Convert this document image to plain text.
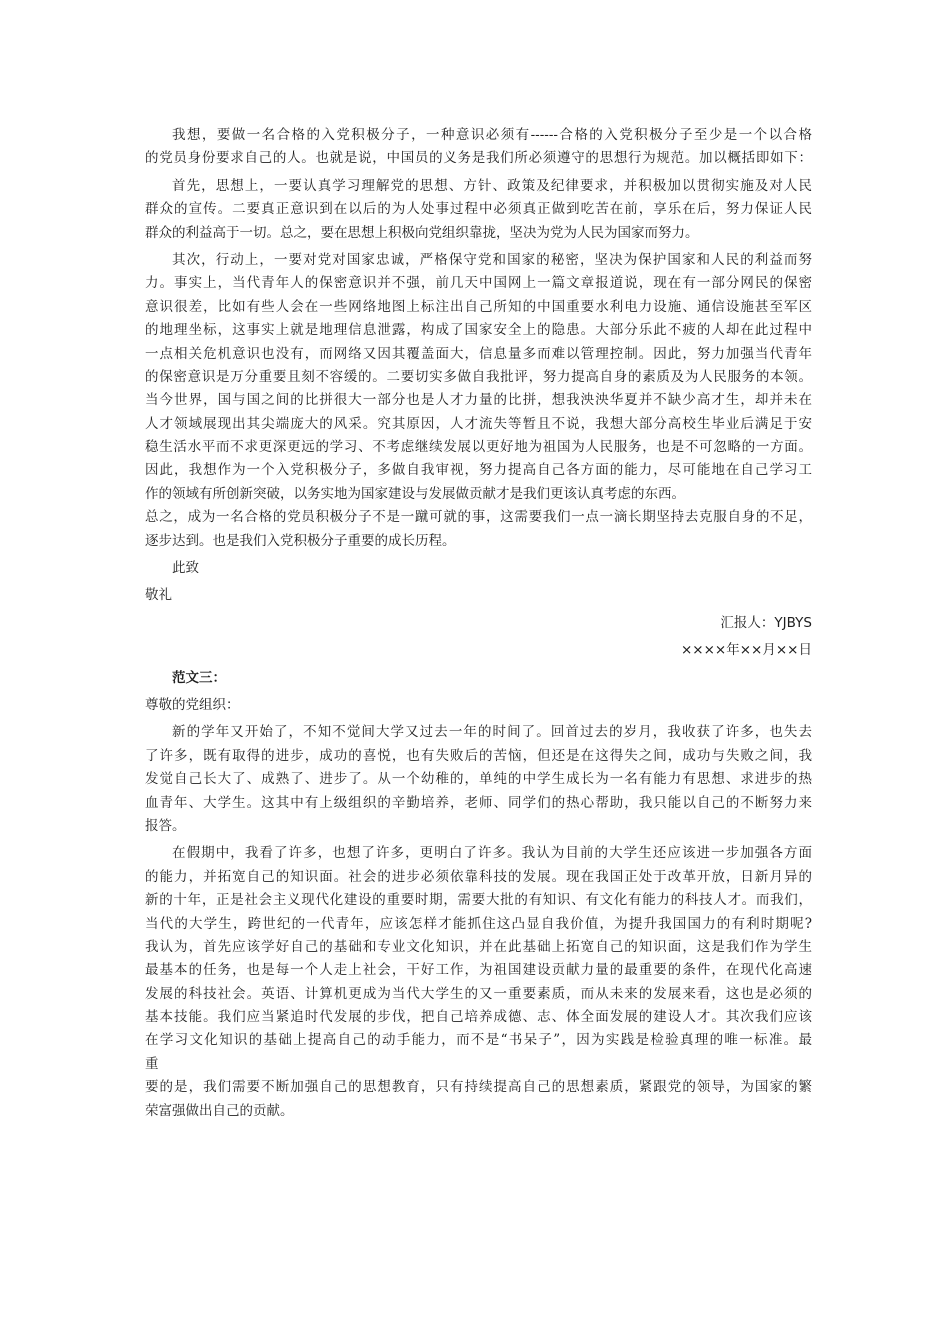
我想，要做一名合格的入党积极分子，一种意识必须有------合格的入党积极分子至少是一个以合格
的党员身份要求自己的人。也就是说，中国员的义务是我们所必须遵守的思想行为规范。加以概括即如下：
首先，思想上，一要认真学习理解党的思想、方针、政策及纪律要求，并积极加以贯彻实施及对人民
群众的宣传。二要真正意识到在以后的为人处事过程中必须真正做到吃苦在前，享乐在后，努力保证人民
群众的利益高于一切。总之，要在思想上积极向党组织靠拢，坚决为党为人民为国家而努力。
其次，行动上，一要对党对国家忠诚，严格保守党和国家的秘密，坚决为保护国家和人民的利益而努
力。事实上，当代青年人的保密意识并不强，前几天中国网上一篇文章报道说，现在有一部分网民的保密
意识很差，比如有些人会在一些网络地图上标注出自己所知的中国重要水利电力设施、通信设施甚至军区
的地理坐标，这事实上就是地理信息泄露，构成了国家安全上的隐患。大部分乐此不疲的人却在此过程中
一点相关危机意识也没有，而网络又因其覆盖面大，信息量多而难以管理控制。因此，努力加强当代青年
的保密意识是万分重要且刻不容缓的。二要切实多做自我批评，努力提高自身的素质及为人民服务的本领。
当今世界，国与国之间的比拼很大一部分也是人才力量的比拼，想我泱泱华夏并不缺少高才生，却并未在
人才领域展现出其尖端庞大的风采。究其原因，人才流失等暂且不说，我想大部分高校生毕业后满足于安
稳生活水平而不求更深更远的学习、不考虑继续发展以更好地为祖国为人民服务，也是不可忽略的一方面。
因此，我想作为一个入党积极分子，多做自我审视，努力提高自己各方面的能力，尽可能地在自己学习工
作的领域有所创新突破，以务实地为国家建设与发展做贡献才是我们更该认真考虑的东西。
总之，成为一名合格的党员积极分子不是一蹴可就的事，这需要我们一点一滴长期坚持去克服自身的不足，
逐步达到。也是我们入党积极分子重要的成长历程。
此致
敬礼
汇报人：YJBYS
××××年××月××日
范文三：
尊敬的党组织：
新的学年又开始了，不知不觉间大学又过去一年的时间了。回首过去的岁月，我收获了许多，也失去
了许多，既有取得的进步，成功的喜悦，也有失败后的苦恼，但还是在这得失之间，成功与失败之间，我
发觉自己长大了、成熟了、进步了。从一个幼稚的，单纯的中学生成长为一名有能力有思想、求进步的热
血青年、大学生。这其中有上级组织的辛勤培养，老师、同学们的热心帮助，我只能以自己的不断努力来
报答。
在假期中，我看了许多，也想了许多，更明白了许多。我认为目前的大学生还应该进一步加强各方面
的能力，并拓宽自己的知识面。社会的进步必须依靠科技的发展。现在我国正处于改革开放，日新月异的
新的十年，正是社会主义现代化建设的重要时期，需要大批的有知识、有文化有能力的科技人才。而我们，
当代的大学生，跨世纪的一代青年，应该怎样才能抓住这凸显自我价值，为提升我国国力的有利时期呢?
我认为，首先应该学好自己的基础和专业文化知识，并在此基础上拓宽自己的知识面，这是我们作为学生
最基本的任务，也是每一个人走上社会，干好工作，为祖国建设贡献力量的最重要的条件，在现代化高速
发展的科技社会。英语、计算机更成为当代大学生的又一重要素质，而从未来的发展来看，这也是必须的
基本技能。我们应当紧追时代发展的步伐，把自己培养成德、志、体全面发展的建设人才。其次我们应该
在学习文化知识的基础上提高自己的动手能力，而不是“书呆子”，因为实践是检验真理的唯一标准。最
重
要的是，我们需要不断加强自己的思想教育，只有持续提高自己的思想素质，紧跟党的领导，为国家的繁
荣富强做出自己的贡献。
